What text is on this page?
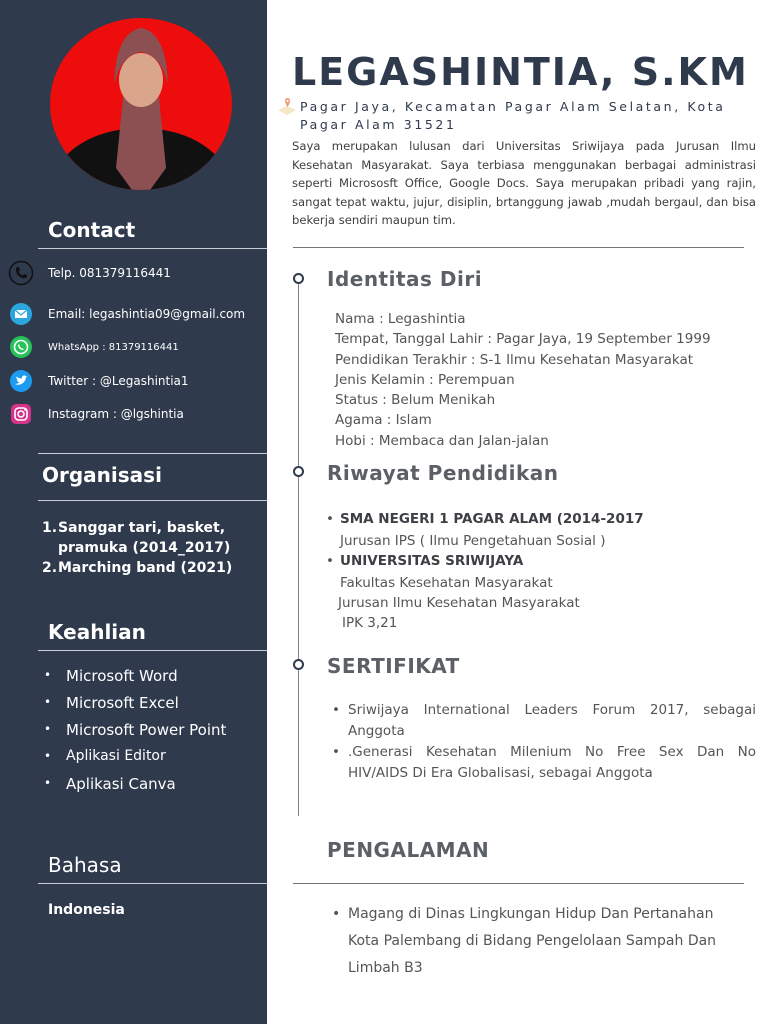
Contact
Telp. 081379116441
Email: legashintia09@gmail.com
WhatsApp : 81379116441
Twitter : @Legashintia1
Instagram : @lgshintia
Organisasi
1. Sanggar tari, basket, pramuka (2014_2017)
2. Marching band (2021)
Keahlian
• Microsoft Word
• Microsoft Excel
• Microsoft Power Point
•	Aplikasi Editor
• Aplikasi Canva
Bahasa
Indonesia
LEGASHINTIA, S.KM
Pagar Jaya, Kecamatan Pagar Alam Selatan, Kota
Pagar Alam 31521

Saya merupakan lulusan dari Universitas Sriwijaya pada Jurusan Ilmu Kesehatan Masyarakat. Saya terbiasa menggunakan berbagai administrasi seperti Micrososft Office, Google Docs. Saya merupakan pribadi yang rajin, sangat tepat waktu, jujur, disiplin, brtanggung jawab ,mudah bergaul, dan bisa bekerja sendiri maupun tim.

Identitas Diri
Nama : Legashintia
Tempat, Tanggal Lahir : Pagar Jaya, 19 September 1999
Pendidikan Terakhir : S-1 Ilmu Kesehatan Masyarakat
Jenis Kelamin : Perempuan
Status : Belum Menikah
Agama : Islam
Hobi : Membaca dan Jalan-jalan
Riwayat Pendidikan
• SMA NEGERI 1 PAGAR ALAM (2014-2017
Jurusan IPS ( Ilmu Pengetahuan Sosial )
• UNIVERSITAS SRIWIJAYA
Fakultas Kesehatan Masyarakat
Jurusan Ilmu Kesehatan Masyarakat
IPK 3,21
SERTIFIKAT
• Sriwijaya International Leaders Forum 2017, sebagai Anggota
• .Generasi Kesehatan Milenium No Free Sex Dan No HIV/AIDS Di Era Globalisasi, sebagai Anggota
PENGALAMAN
• Magang di Dinas Lingkungan Hidup Dan Pertanahan Kota Palembang di Bidang Pengelolaan Sampah Dan Limbah B3
